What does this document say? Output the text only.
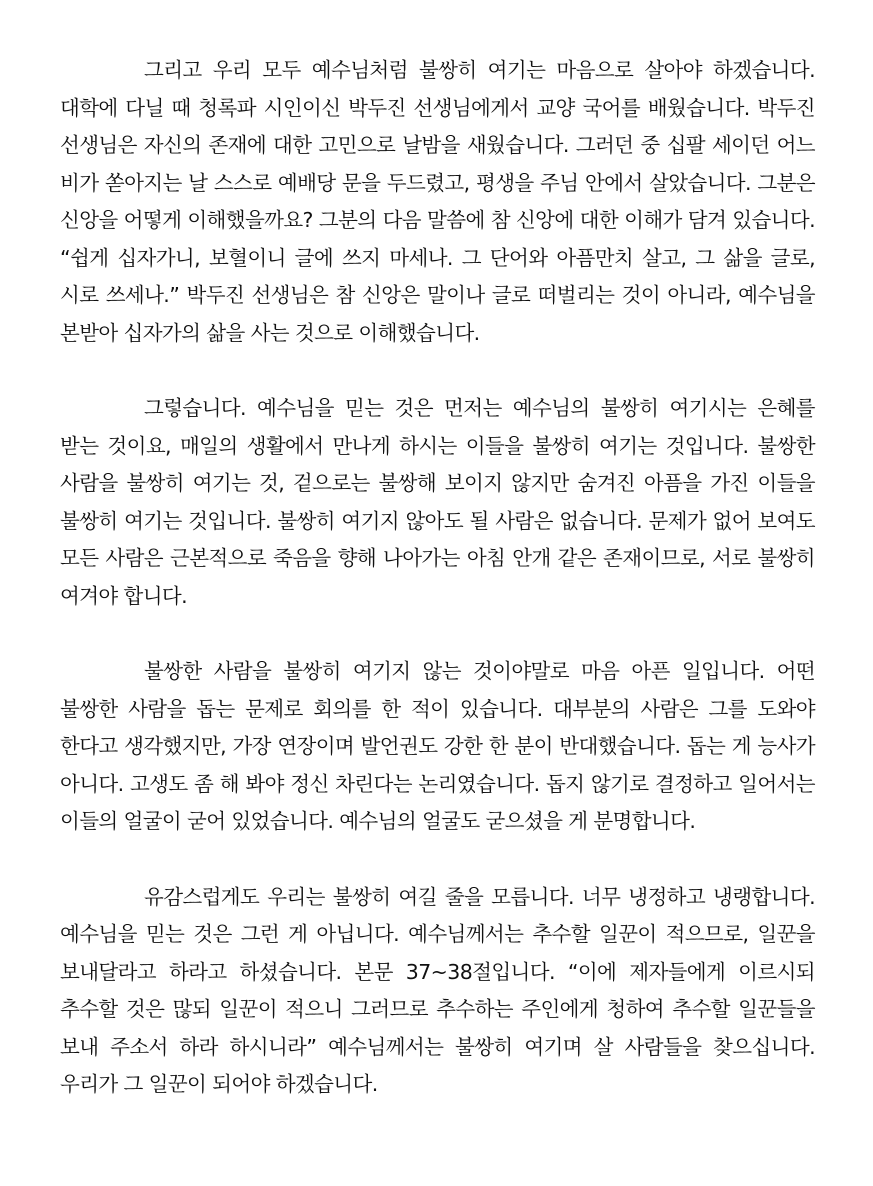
그리고 우리 모두 예수님처럼 불쌍히 여기는 마음으로 살아야 하겠습니다. 대학에 다닐 때 청록파 시인이신 박두진 선생님에게서 교양 국어를 배웠습니다. 박두진 선생님은 자신의 존재에 대한 고민으로 날밤을 새웠습니다. 그러던 중 십팔 세이던 어느 비가 쏟아지는 날 스스로 예배당 문을 두드렸고, 평생을 주님 안에서 살았습니다. 그분은 신앙을 어떻게 이해했을까요? 그분의 다음 말씀에 참 신앙에 대한 이해가 담겨 있습니다. “쉽게 십자가니, 보혈이니 글에 쓰지 마세나. 그 단어와 아픔만치 살고, 그 삶을 글로, 시로 쓰세나.” 박두진 선생님은 참 신앙은 말이나 글로 떠벌리는 것이 아니라, 예수님을 본받아 십자가의 삶을 사는 것으로 이해했습니다.

그렇습니다. 예수님을 믿는 것은 먼저는 예수님의 불쌍히 여기시는 은혜를 받는 것이요, 매일의 생활에서 만나게 하시는 이들을 불쌍히 여기는 것입니다. 불쌍한 사람을 불쌍히 여기는 것, 겉으로는 불쌍해 보이지 않지만 숨겨진 아픔을 가진 이들을 불쌍히 여기는 것입니다. 불쌍히 여기지 않아도 될 사람은 없습니다. 문제가 없어 보여도 모든 사람은 근본적으로 죽음을 향해 나아가는 아침 안개 같은 존재이므로, 서로 불쌍히 여겨야 합니다.

불쌍한 사람을 불쌍히 여기지 않는 것이야말로 마음 아픈 일입니다. 어떤 불쌍한 사람을 돕는 문제로 회의를 한 적이 있습니다. 대부분의 사람은 그를 도와야 한다고 생각했지만, 가장 연장이며 발언권도 강한 한 분이 반대했습니다. 돕는 게 능사가 아니다. 고생도 좀 해 봐야 정신 차린다는 논리였습니다. 돕지 않기로 결정하고 일어서는 이들의 얼굴이 굳어 있었습니다. 예수님의 얼굴도 굳으셨을 게 분명합니다.

유감스럽게도 우리는 불쌍히 여길 줄을 모릅니다. 너무 냉정하고 냉랭합니다. 예수님을 믿는 것은 그런 게 아닙니다. 예수님께서는 추수할 일꾼이 적으므로, 일꾼을 보내달라고 하라고 하셨습니다. 본문 37~38절입니다. “이에 제자들에게 이르시되 추수할 것은 많되 일꾼이 적으니 그러므로 추수하는 주인에게 청하여 추수할 일꾼들을 보내 주소서 하라 하시니라” 예수님께서는 불쌍히 여기며 살 사람들을 찾으십니다. 우리가 그 일꾼이 되어야 하겠습니다.
